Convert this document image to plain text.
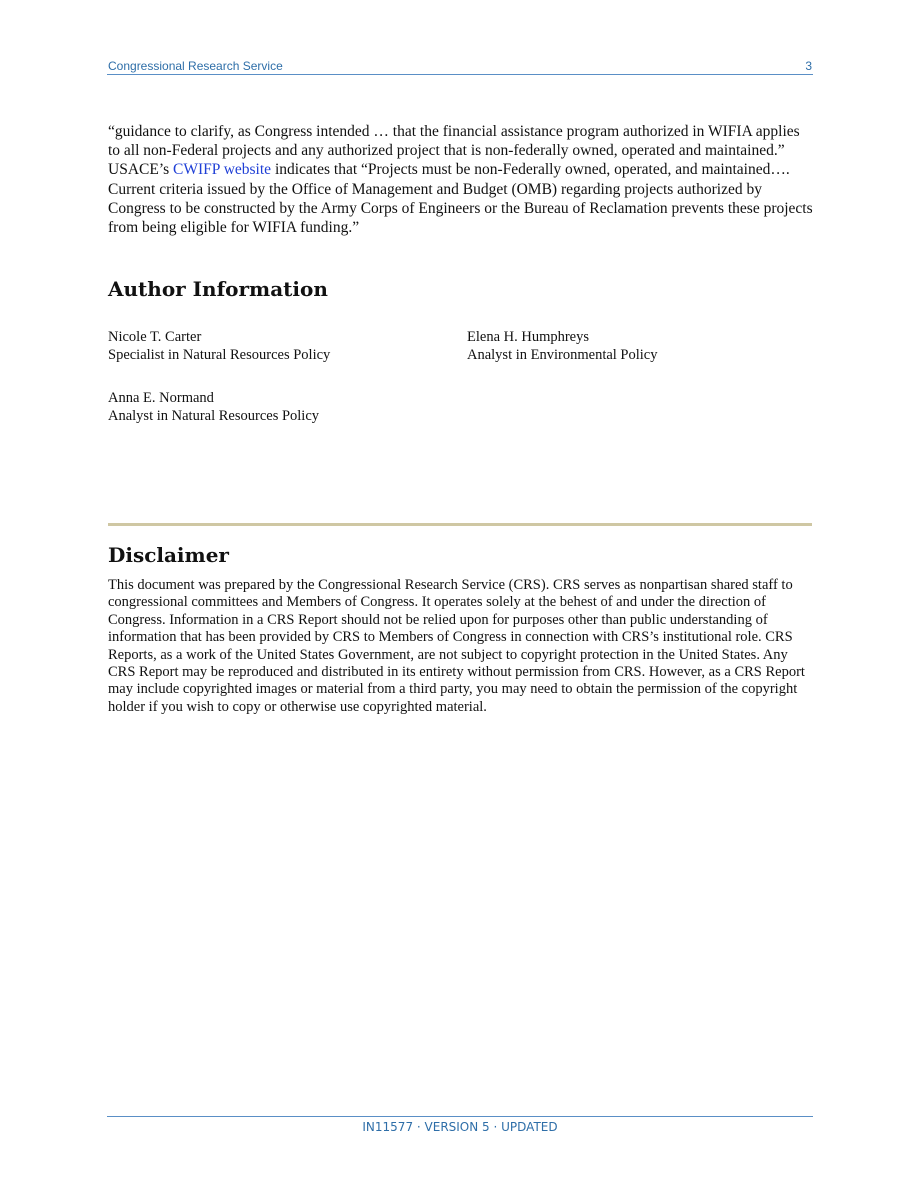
Congressional Research Service	3
“guidance to clarify, as Congress intended … that the financial assistance program authorized in WIFIA applies to all non-Federal projects and any authorized project that is non-federally owned, operated and maintained.” USACE’s CWIFP website indicates that “Projects must be non-Federally owned, operated, and maintained…. Current criteria issued by the Office of Management and Budget (OMB) regarding projects authorized by Congress to be constructed by the Army Corps of Engineers or the Bureau of Reclamation prevents these projects from being eligible for WIFIA funding.”
Author Information
Nicole T. Carter
Specialist in Natural Resources Policy
Elena H. Humphreys
Analyst in Environmental Policy
Anna E. Normand
Analyst in Natural Resources Policy
Disclaimer
This document was prepared by the Congressional Research Service (CRS). CRS serves as nonpartisan shared staff to congressional committees and Members of Congress. It operates solely at the behest of and under the direction of Congress. Information in a CRS Report should not be relied upon for purposes other than public understanding of information that has been provided by CRS to Members of Congress in connection with CRS’s institutional role. CRS Reports, as a work of the United States Government, are not subject to copyright protection in the United States. Any CRS Report may be reproduced and distributed in its entirety without permission from CRS. However, as a CRS Report may include copyrighted images or material from a third party, you may need to obtain the permission of the copyright holder if you wish to copy or otherwise use copyrighted material.
IN11577 · VERSION 5 · UPDATED
